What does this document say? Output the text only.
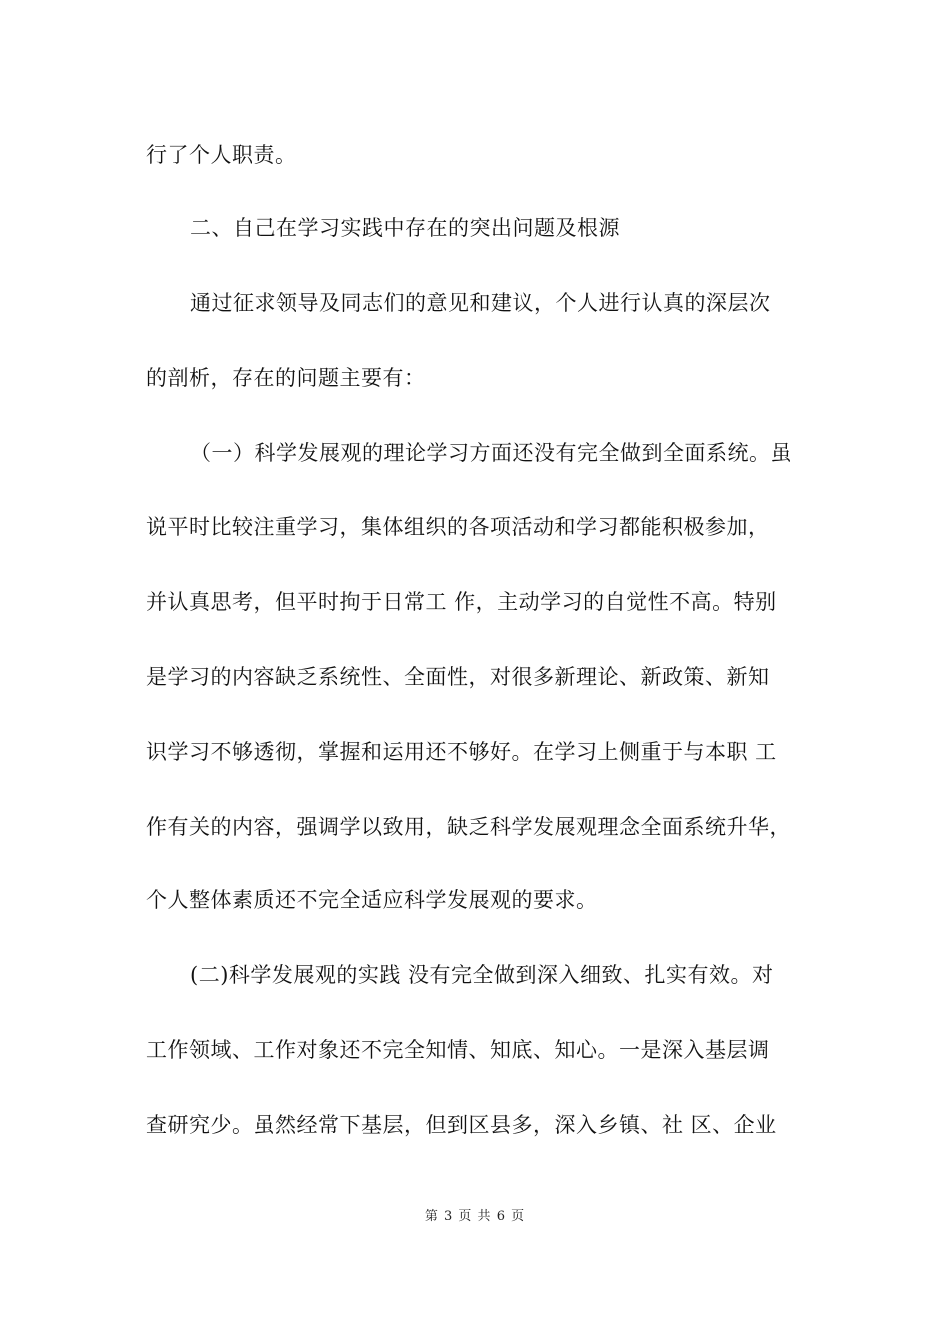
行了个人职责。
二、自己在学习实践中存在的突出问题及根源
通过征求领导及同志们的意见和建议，个人进行认真的深层次
的剖析，存在的问题主要有：
（一）科学发展观的理论学习方面还没有完全做到全面系统。虽
说平时比较注重学习，集体组织的各项活动和学习都能积极参加，
并认真思考，但平时拘于日常工 作，主动学习的自觉性不高。特别
是学习的内容缺乏系统性、全面性，对很多新理论、新政策、新知
识学习不够透彻，掌握和运用还不够好。在学习上侧重于与本职 工
作有关的内容，强调学以致用，缺乏科学发展观理念全面系统升华，
个人整体素质还不完全适应科学发展观的要求。
(二)科学发展观的实践 没有完全做到深入细致、扎实有效。对
工作领域、工作对象还不完全知情、知底、知心。一是深入基层调
查研究少。虽然经常下基层，但到区县多，深入乡镇、社 区、企业
第 3 页 共 6 页
